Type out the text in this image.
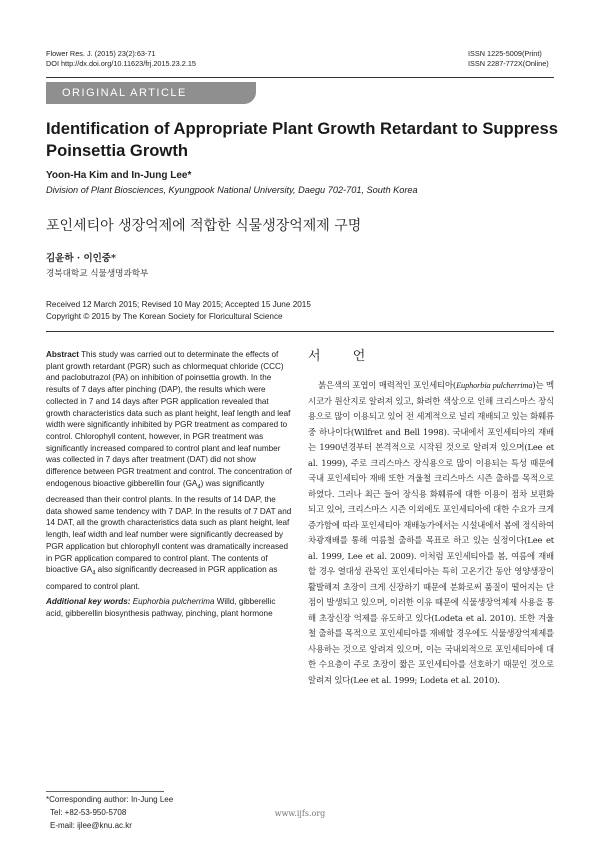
Flower Res. J. (2015) 23(2):63-71
DOI http://dx.doi.org/10.11623/frj.2015.23.2.15
ISSN 1225-5009(Print)
ISSN 2287-772X(Online)
ORIGINAL ARTICLE
Identification of Appropriate Plant Growth Retardant to Suppress Poinsettia Growth
Yoon-Ha Kim and In-Jung Lee*
Division of Plant Biosciences, Kyungpook National University, Daegu 702-701, South Korea
포인세티아 생장억제에 적합한 식물생장억제제 구명
김윤하 · 이인중*
경북대학교 식물생명과학부
Received 12 March 2015; Revised 10 May 2015; Accepted 15 June 2015
Copyright © 2015 by The Korean Society for Floricultural Science

Abstract This study was carried out to determinate the effects of plant growth retardant (PGR) such as chlormequat chloride (CCC) and paclobutrazol (PA) on inhibition of poinsettia growth. In the results of 7 days after pinching (DAP), the results which were collected in 7 and 14 days after PGR application revealed that growth characteristics data such as plant height, leaf length and leaf width were significantly inhibited by PGR treatment as compared to control. Chlorophyll content, however, in PGR treatment was significantly increased compared to control plant and leaf number was collected in 7 days after treatment (DAT) did not show difference between PGR treatment and control. The concentration of endogenous bioactive gibberellin four $(GA_4)$ was significantly decreased than their control plants. In the results of 14 DAP, the data showed same tendency with 7 DAP. In the results of 7 DAT and 14 DAT, all the growth characteristics data such as plant height, leaf length, leaf width and leaf number were significantly decreased by PGR application but chlorophyll content was dramatically increased in PGR application compared to control plant. The contents of bioactive $GA_4$ also significantly decreased in PGR application as compared to control plant.

Additional key words: Euphorbia pulcherrima Willd, gibberellic acid, gibberellin biosynthesis pathway, pinching, plant hormone

서 언

붉은색의 포엽이 매력적인 포인세티아(Euphorbia pulcherrima)는 멕시코가 원산지로 알려져 있고, 화려한 색상으로 인해 크리스마스 장식용으로 많이 이용되고 있어 전 세계적으로 널리 재배되고 있는 화훼류 중 하나이다(Wilfret and Bell 1998). 국내에서 포인세티아의 재배는 1990년경부터 본격적으로 시작된 것으로 알려져 있으며(Lee et al. 1999), 주로 크리스마스 장식용으로 많이 이용되는 특성 때문에 국내 포인세티아 재배 또한 겨울철 크리스마스 시즌 출하를 목적으로 하였다. 그러나 최근 들어 장식용 화훼류에 대한 이용이 점차 보편화 되고 있어, 크리스마스 시즌 이외에도 포인세티아에 대한 수요가 크게 증가함에 따라 포인세티아 재배농가에서는 시설내에서 봄에 정식하여 차광재배를 통해 여름철 출하를 목표로 하고 있는 실정이다(Lee et al. 1999, Lee et al. 2009). 이처럼 포인세티아를 봄, 여름에 재배할 경우 열대성 관목인 포인세티아는 특히 고온기간 동안 영양생장이 활발해져 초장이 크게 신장하기 때문에 분화로써 품질이 떨어지는 단점이 발생되고 있으며, 이러한 이유 때문에 식물생장억제제 사용을 통해 초장신장 억제를 유도하고 있다(Lodeta et al. 2010). 또한 겨울철 출하를 목적으로 포인세티아를 재배할 경우에도 식물생장억제제를 사용하는 것으로 알려져 있으며, 이는 국내외적으로 포인세티아에 대한 수요층이 주로 초장이 짧은 포인세티아를 선호하기 때문인 것으로 알려져 있다(Lee et al. 1999; Lodeta et al. 2010).

*Corresponding author: In-Jung Lee
Tel: +82-53-950-5708
E-mail: ijlee@knu.ac.kr
www.ijfs.org
